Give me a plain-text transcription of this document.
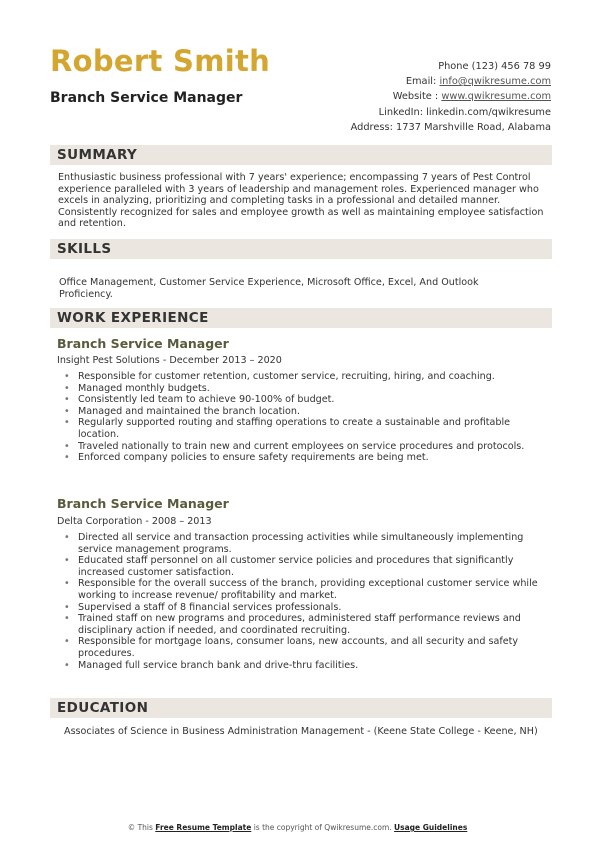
Robert Smith
Branch Service Manager
Phone (123) 456 78 99
Email: info@qwikresume.com
Website : www.qwikresume.com
LinkedIn: linkedin.com/qwikresume
Address: 1737 Marshville Road, Alabama
SUMMARY
Enthusiastic business professional with 7 years' experience; encompassing 7 years of Pest Control experience paralleled with 3 years of leadership and management roles. Experienced manager who excels in analyzing, prioritizing and completing tasks in a professional and detailed manner. Consistently recognized for sales and employee growth as well as maintaining employee satisfaction and retention.
SKILLS
Office Management, Customer Service Experience, Microsoft Office, Excel, And Outlook Proficiency.
WORK EXPERIENCE
Branch Service Manager
Insight Pest Solutions - December 2013 – 2020
• Responsible for customer retention, customer service, recruiting, hiring, and coaching.
• Managed monthly budgets.
• Consistently led team to achieve 90-100% of budget.
• Managed and maintained the branch location.
• Regularly supported routing and staffing operations to create a sustainable and profitable location.
• Traveled nationally to train new and current employees on service procedures and protocols.
• Enforced company policies to ensure safety requirements are being met.
Branch Service Manager
Delta Corporation - 2008 – 2013
• Directed all service and transaction processing activities while simultaneously implementing service management programs.
• Educated staff personnel on all customer service policies and procedures that significantly increased customer satisfaction.
• Responsible for the overall success of the branch, providing exceptional customer service while working to increase revenue/ profitability and market.
• Supervised a staff of 8 financial services professionals.
• Trained staff on new programs and procedures, administered staff performance reviews and disciplinary action if needed, and coordinated recruiting.
• Responsible for mortgage loans, consumer loans, new accounts, and all security and safety procedures.
• Managed full service branch bank and drive-thru facilities.
EDUCATION
Associates of Science in Business Administration Management - (Keene State College - Keene, NH)
© This Free Resume Template is the copyright of Qwikresume.com. Usage Guidelines
